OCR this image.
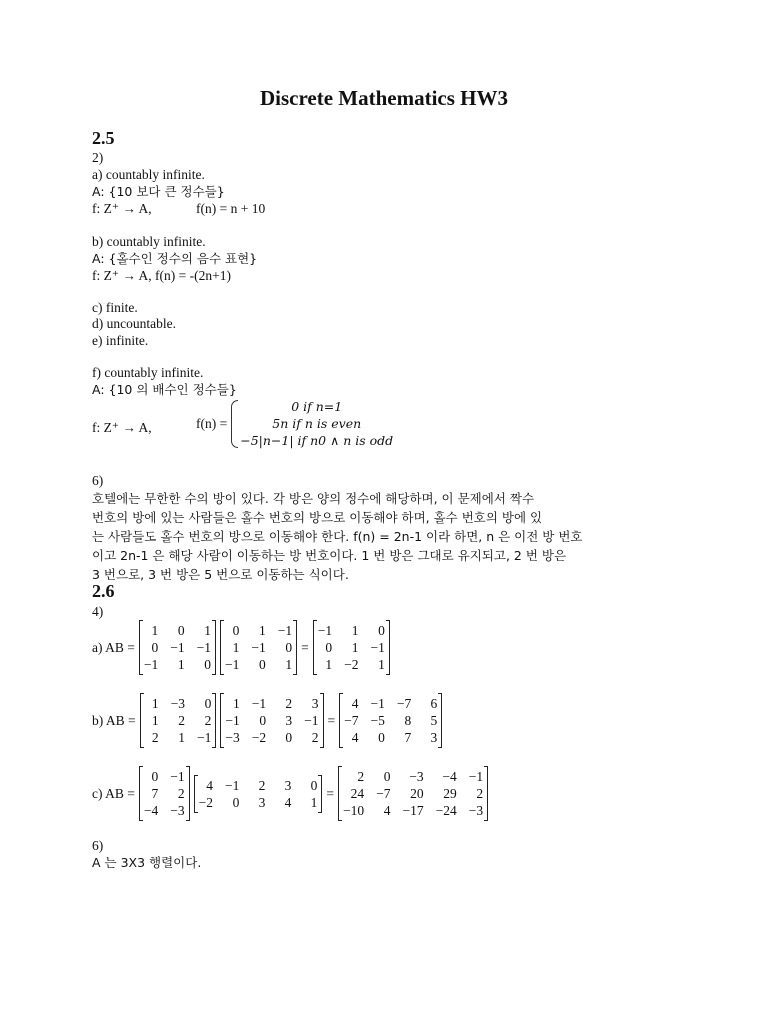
Discrete Mathematics HW3
2.5
2)
a) countably infinite.
A: {10 보다 큰 정수들}
f: Z⁺ → A,	f(n) = n + 10
b) countably infinite.
A: {홀수인 정수의 음수 표현}
f: Z⁺ → A, f(n) = -(2n+1)
c) finite.
d) uncountable.
e) infinite.
f) countably infinite.
A: {10 의 배수인 정수들}
f: Z⁺ → A,	f(n) =
0 if n=1
5n if n is even
−5|n−1| if n0 ∧ n is odd
6)
호텔에는 무한한 수의 방이 있다. 각 방은 양의 정수에 해당하며, 이 문제에서 짝수
번호의 방에 있는 사람들은 홀수 번호의 방으로 이동해야 하며, 홀수 번호의 방에 있
는 사람들도 홀수 번호의 방으로 이동해야 한다. f(n) = 2n-1 이라 하면, n 은 이전 방 번호
이고 2n-1 은 해당 사람이 이동하는 방 번호이다. 1 번 방은 그대로 유지되고, 2 번 방은
3 번으로, 3 번 방은 5 번으로 이동하는 식이다.
2.6
4)
a) AB =
1	0	1
0 −1 −1
−1	1	0
0	1 −1
1 −1	0
−1	0	1
=
−1	1	0
0	1 −1
1 −2	1
b) AB =
1 −3	0
1	2	2
2	1 −1
1 −1	2	3
−1	0	3 −1
−3 −2	0	2
=
4 −1 −7	6
−7 −5	8	5
4	0	7	3
c) AB =
0 −1
7	2
−4 −3
4 −1	2	3	0
−2	0	3	4	1
=
2	0	−3	−4 −1
24 −7	20	29	2
−10	4 −17 −24 −3
6)
A 는 3X3 행렬이다.
